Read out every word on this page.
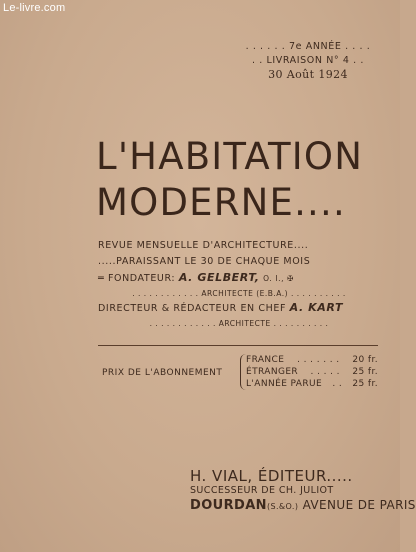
Le-livre.com
. . . . . . 7e ANNÉE . . . .
. . LIVRAISON N° 4 . .
30 Août 1924
L'HABITATION
MODERNE....
REVUE MENSUELLE D'ARCHITECTURE....
.....PARAISSANT LE 30 DE CHAQUE MOIS
═ FONDATEUR: A. GELBERT, O. I., ✠
. . . . . . . . . . . . ARCHITECTE (E.B.A.) . . . . . . . . . .
DIRECTEUR & RÉDACTEUR EN CHEF A. KART
. . . . . . . . . . . . ARCHITECTE . . . . . . . . . .
PRIX DE L'ABONNEMENT
FRANCE . . . . . . . 20 fr.
ÉTRANGER . . . . . 25 fr.
L'ANNÉE PARUE . . 25 fr.
H. VIAL, ÉDITEUR.....
SUCCESSEUR DE CH. JULIOT
DOURDAN(S.&O.) AVENUE DE PARIS
